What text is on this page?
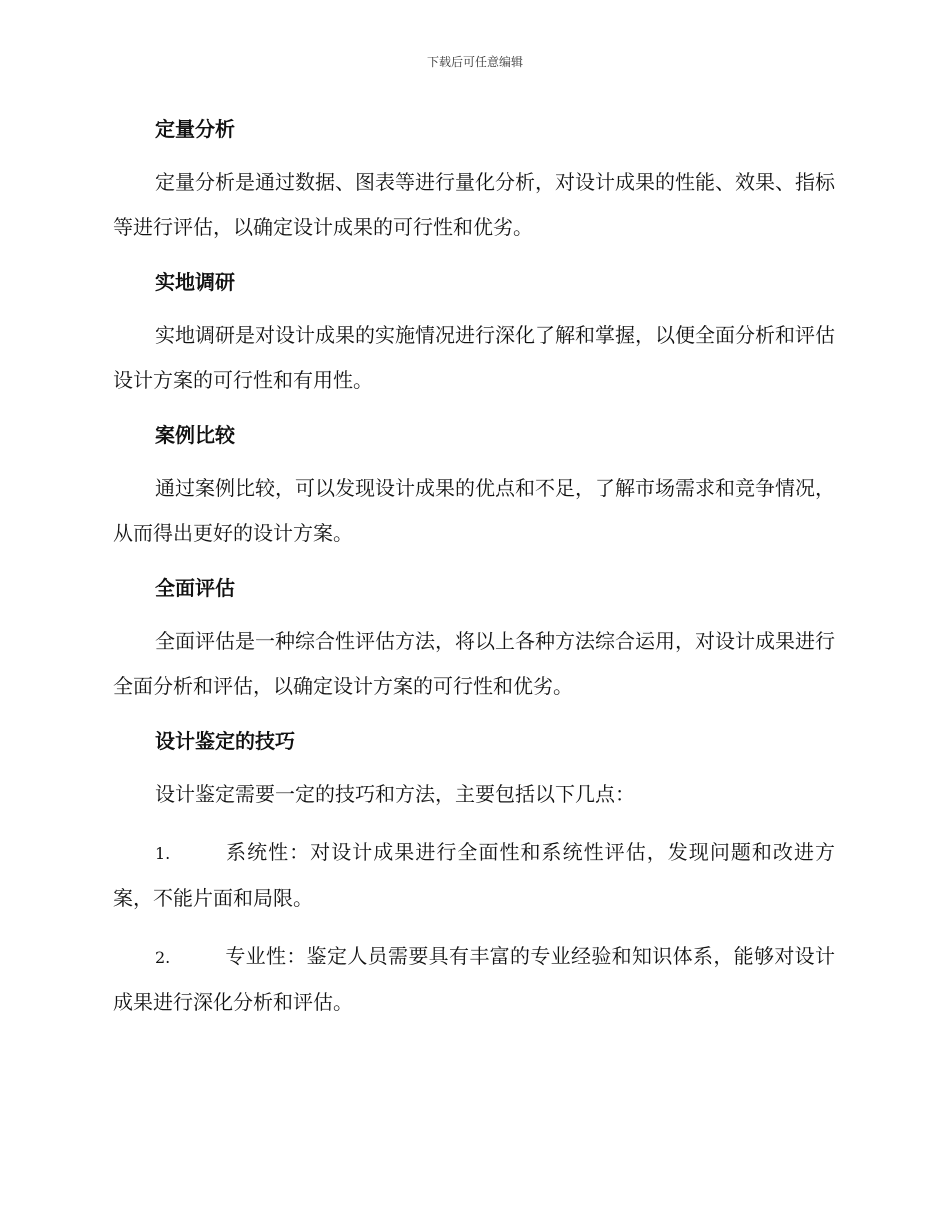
下载后可任意编辑
定量分析
定量分析是通过数据、图表等进行量化分析，对设计成果的性能、效果、指标等进行评估，以确定设计成果的可行性和优劣。
实地调研
实地调研是对设计成果的实施情况进行深化了解和掌握，以便全面分析和评估设计方案的可行性和有用性。
案例比较
通过案例比较，可以发现设计成果的优点和不足，了解市场需求和竞争情况，从而得出更好的设计方案。
全面评估
全面评估是一种综合性评估方法，将以上各种方法综合运用，对设计成果进行全面分析和评估，以确定设计方案的可行性和优劣。
设计鉴定的技巧
设计鉴定需要一定的技巧和方法，主要包括以下几点：
1.	系统性：对设计成果进行全面性和系统性评估，发现问题和改进方案，不能片面和局限。
2.	专业性：鉴定人员需要具有丰富的专业经验和知识体系，能够对设计成果进行深化分析和评估。
